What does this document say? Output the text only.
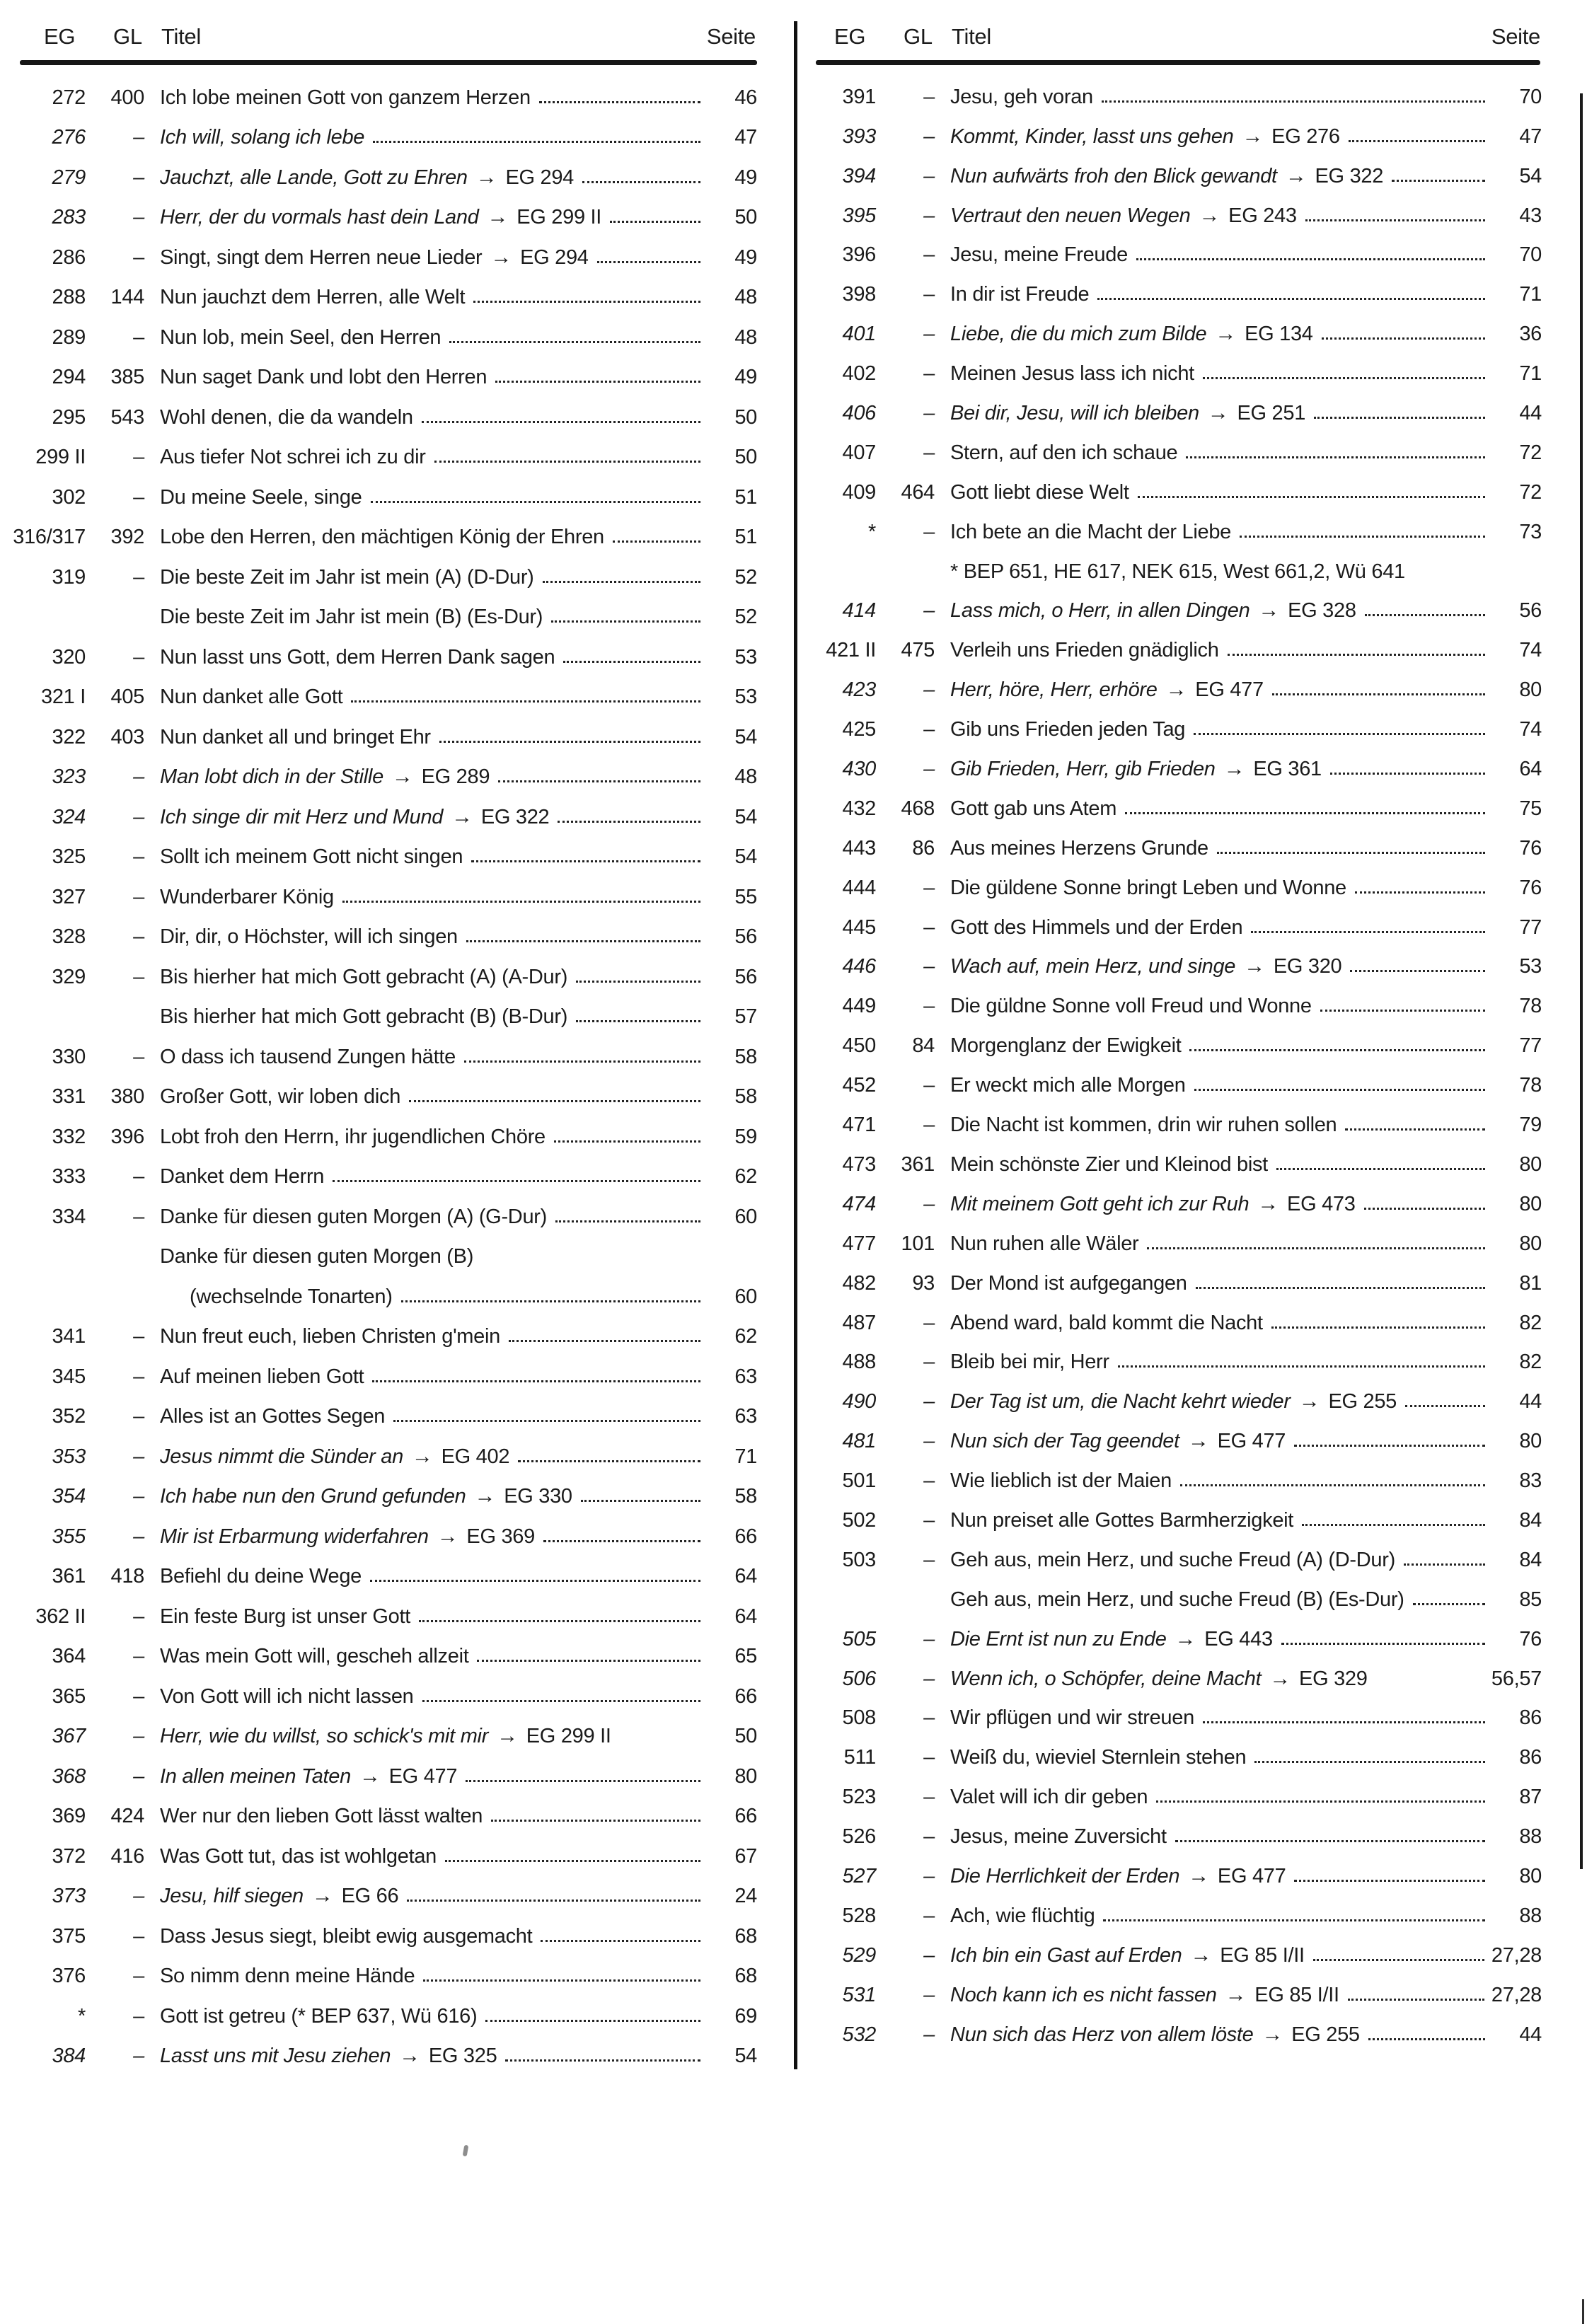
EG GL Titel	Seite
272	400 Ich lobe meinen Gott von ganzem Herzen	46
276	– Ich will, solang ich lebe	47
279	– Jauchzt, alle Lande, Gott zu Ehren → EG 294	49
283	– Herr, der du vormals hast dein Land → EG 299 II	50
286	– Singt, singt dem Herren neue Lieder → EG 294	49
288	144 Nun jauchzt dem Herren, alle Welt	48
289	– Nun lob, mein Seel, den Herren	48
294	385 Nun saget Dank und lobt den Herren	49
295	543 Wohl denen, die da wandeln	50
299 II	– Aus tiefer Not schrei ich zu dir	50
302	– Du meine Seele, singe	51
316/317	392 Lobe den Herren, den mächtigen König der Ehren	51
319	– Die beste Zeit im Jahr ist mein (A) (D-Dur)	52
Die beste Zeit im Jahr ist mein (B) (Es-Dur)	52
320	– Nun lasst uns Gott, dem Herren Dank sagen	53
321 I	405 Nun danket alle Gott	53
322	403 Nun danket all und bringet Ehr	54
323	– Man lobt dich in der Stille → EG 289	48
324	– Ich singe dir mit Herz und Mund → EG 322	54
325	– Sollt ich meinem Gott nicht singen	54
327	– Wunderbarer König	55
328	– Dir, dir, o Höchster, will ich singen	56
329	– Bis hierher hat mich Gott gebracht (A) (A-Dur)	56
Bis hierher hat mich Gott gebracht (B) (B-Dur)	57
330	– O dass ich tausend Zungen hätte	58
331	380 Großer Gott, wir loben dich	58
332	396 Lobt froh den Herrn, ihr jugendlichen Chöre	59
333	– Danket dem Herrn	62
334	– Danke für diesen guten Morgen (A) (G-Dur)	60
Danke für diesen guten Morgen (B)
(wechselnde Tonarten)	60
341	– Nun freut euch, lieben Christen g'mein	62
345	– Auf meinen lieben Gott	63
352	– Alles ist an Gottes Segen	63
353	– Jesus nimmt die Sünder an → EG 402	71
354	– Ich habe nun den Grund gefunden → EG 330	58
355	– Mir ist Erbarmung widerfahren → EG 369	66
361	418 Befiehl du deine Wege	64
362 II	– Ein feste Burg ist unser Gott	64
364	– Was mein Gott will, gescheh allzeit	65
365	– Von Gott will ich nicht lassen	66
367	– Herr, wie du willst, so schick's mit mir → EG 299 II	50
368	– In allen meinen Taten → EG 477	80
369	424 Wer nur den lieben Gott lässt walten	66
372	416 Was Gott tut, das ist wohlgetan	67
373	– Jesu, hilf siegen → EG 66	24
375	– Dass Jesus siegt, bleibt ewig ausgemacht	68
376	– So nimm denn meine Hände	68
*	– Gott ist getreu (* BEP 637, Wü 616)	69
384	– Lasst uns mit Jesu ziehen → EG 325	54
EG GL Titel	Seite
391	– Jesu, geh voran	70
393	– Kommt, Kinder, lasst uns gehen → EG 276	47
394	– Nun aufwärts froh den Blick gewandt → EG 322	54
395	– Vertraut den neuen Wegen → EG 243	43
396	– Jesu, meine Freude	70
398	– In dir ist Freude	71
401	– Liebe, die du mich zum Bilde → EG 134	36
402	– Meinen Jesus lass ich nicht	71
406	– Bei dir, Jesu, will ich bleiben → EG 251	44
407	– Stern, auf den ich schaue	72
409	464 Gott liebt diese Welt	72
*	– Ich bete an die Macht der Liebe	73
* BEP 651, HE 617, NEK 615, West 661,2, Wü 641
414	– Lass mich, o Herr, in allen Dingen → EG 328	56
421 II	475 Verleih uns Frieden gnädiglich	74
423	– Herr, höre, Herr, erhöre → EG 477	80
425	– Gib uns Frieden jeden Tag	74
430	– Gib Frieden, Herr, gib Frieden → EG 361	64
432	468 Gott gab uns Atem	75
443	86 Aus meines Herzens Grunde	76
444	– Die güldene Sonne bringt Leben und Wonne	76
445	– Gott des Himmels und der Erden	77
446	– Wach auf, mein Herz, und singe → EG 320	53
449	– Die güldne Sonne voll Freud und Wonne	78
450	84 Morgenglanz der Ewigkeit	77
452	– Er weckt mich alle Morgen	78
471	– Die Nacht ist kommen, drin wir ruhen sollen	79
473	361 Mein schönste Zier und Kleinod bist	80
474	– Mit meinem Gott geht ich zur Ruh → EG 473	80
477	101 Nun ruhen alle Wäler	80
482	93 Der Mond ist aufgegangen	81
487	– Abend ward, bald kommt die Nacht	82
488	– Bleib bei mir, Herr	82
490	– Der Tag ist um, die Nacht kehrt wieder → EG 255	44
481	– Nun sich der Tag geendet → EG 477	80
501	– Wie lieblich ist der Maien	83
502	– Nun preiset alle Gottes Barmherzigkeit	84
503	– Geh aus, mein Herz, und suche Freud (A) (D-Dur)	84
Geh aus, mein Herz, und suche Freud (B) (Es-Dur)	85
505	– Die Ernt ist nun zu Ende → EG 443	76
506	– Wenn ich, o Schöpfer, deine Macht → EG 329	56,57
508	– Wir pflügen und wir streuen	86
511	– Weiß du, wieviel Sternlein stehen	86
523	– Valet will ich dir geben	87
526	– Jesus, meine Zuversicht	88
527	– Die Herrlichkeit der Erden → EG 477	80
528	– Ach, wie flüchtig	88
529	– Ich bin ein Gast auf Erden → EG 85 I/II	27,28
531	– Noch kann ich es nicht fassen → EG 85 I/II	27,28
532	– Nun sich das Herz von allem löste → EG 255	44
